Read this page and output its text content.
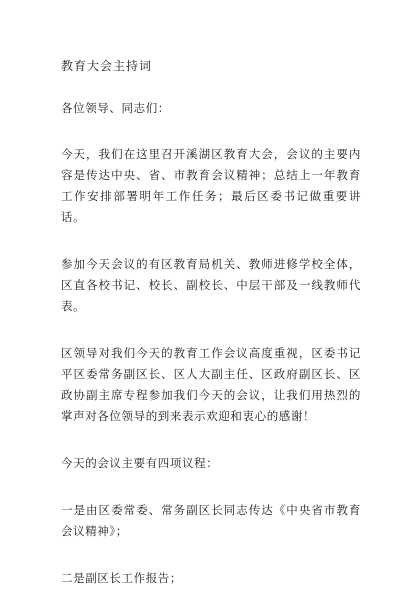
教育大会主持词

各位领导、同志们：

今天，我们在这里召开溪湖区教育大会，会议的主要内容是传达中央、省、市教育会议精神；总结上一年教育工作安排部署明年工作任务；最后区委书记做重要讲话。

参加今天会议的有区教育局机关、教师进修学校全体，区直各校书记、校长、副校长、中层干部及一线教师代表。

区领导对我们今天的教育工作会议高度重视，区委书记平区委常务副区长、区人大副主任、区政府副区长、区政协副主席专程参加我们今天的会议，让我们用热烈的掌声对各位领导的到来表示欢迎和衷心的感谢！

今天的会议主要有四项议程：

一是由区委常委、常务副区长同志传达《中央省市教育会议精神》；

二是副区长工作报告；
